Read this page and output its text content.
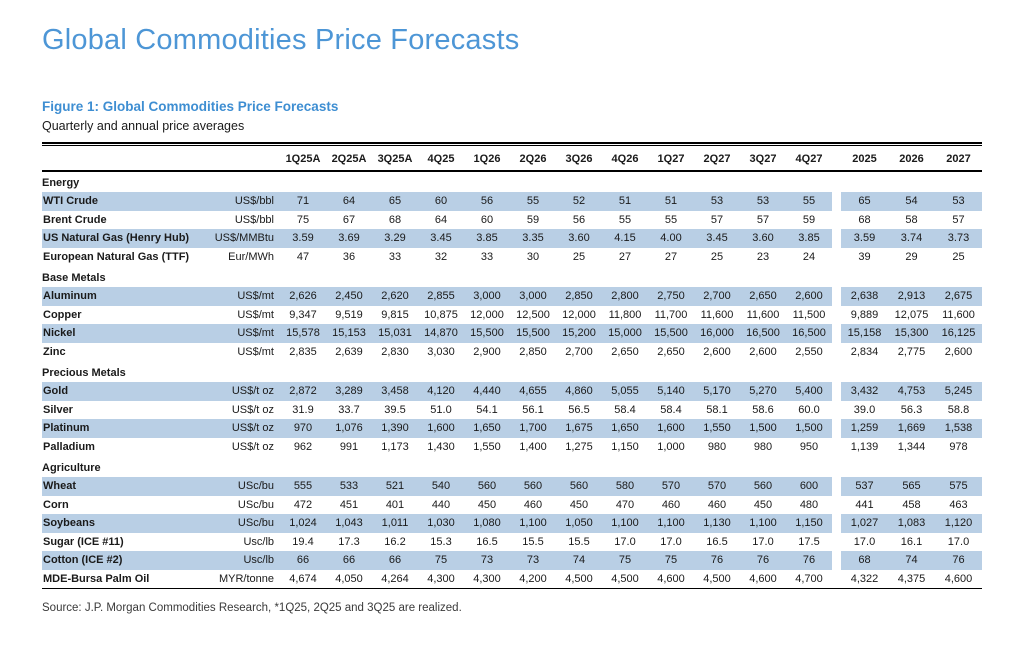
Global Commodities Price Forecasts
Figure 1: Global Commodities Price Forecasts
Quarterly and annual price averages
		1Q25A	2Q25A	3Q25A	4Q25	1Q26	2Q26	3Q26	4Q26	1Q27	2Q27	3Q27	4Q27		2025	2026	2027
Energy																	
WTI Crude	US$/bbl	71	64	65	60	56	55	52	51	51	53	53	55		65	54	53
Brent Crude	US$/bbl	75	67	68	64	60	59	56	55	55	57	57	59		68	58	57
US Natural Gas (Henry Hub)	US$/MMBtu	3.59	3.69	3.29	3.45	3.85	3.35	3.60	4.15	4.00	3.45	3.60	3.85		3.59	3.74	3.73
European Natural Gas (TTF)	Eur/MWh	47	36	33	32	33	30	25	27	27	25	23	24		39	29	25
Base Metals																	
Aluminum	US$/mt	2,626	2,450	2,620	2,855	3,000	3,000	2,850	2,800	2,750	2,700	2,650	2,600		2,638	2,913	2,675
Copper	US$/mt	9,347	9,519	9,815	10,875	12,000	12,500	12,000	11,800	11,700	11,600	11,600	11,500		9,889	12,075	11,600
Nickel	US$/mt	15,578	15,153	15,031	14,870	15,500	15,500	15,200	15,000	15,500	16,000	16,500	16,500		15,158	15,300	16,125
Zinc	US$/mt	2,835	2,639	2,830	3,030	2,900	2,850	2,700	2,650	2,650	2,600	2,600	2,550		2,834	2,775	2,600
Precious Metals																	
Gold	US$/t oz	2,872	3,289	3,458	4,120	4,440	4,655	4,860	5,055	5,140	5,170	5,270	5,400		3,432	4,753	5,245
Silver	US$/t oz	31.9	33.7	39.5	51.0	54.1	56.1	56.5	58.4	58.4	58.1	58.6	60.0		39.0	56.3	58.8
Platinum	US$/t oz	970	1,076	1,390	1,600	1,650	1,700	1,675	1,650	1,600	1,550	1,500	1,500		1,259	1,669	1,538
Palladium	US$/t oz	962	991	1,173	1,430	1,550	1,400	1,275	1,150	1,000	980	980	950		1,139	1,344	978
Agriculture																	
Wheat	USc/bu	555	533	521	540	560	560	560	580	570	570	560	600		537	565	575
Corn	USc/bu	472	451	401	440	450	460	450	470	460	460	450	480		441	458	463
Soybeans	USc/bu	1,024	1,043	1,011	1,030	1,080	1,100	1,050	1,100	1,100	1,130	1,100	1,150		1,027	1,083	1,120
Sugar (ICE #11)	Usc/lb	19.4	17.3	16.2	15.3	16.5	15.5	15.5	17.0	17.0	16.5	17.0	17.5		17.0	16.1	17.0
Cotton (ICE #2)	Usc/lb	66	66	66	75	73	73	74	75	75	76	76	76		68	74	76
MDE-Bursa Palm Oil	MYR/tonne	4,674	4,050	4,264	4,300	4,300	4,200	4,500	4,500	4,600	4,500	4,600	4,700		4,322	4,375	4,600
Source: J.P. Morgan Commodities Research, *1Q25, 2Q25 and 3Q25 are realized.
